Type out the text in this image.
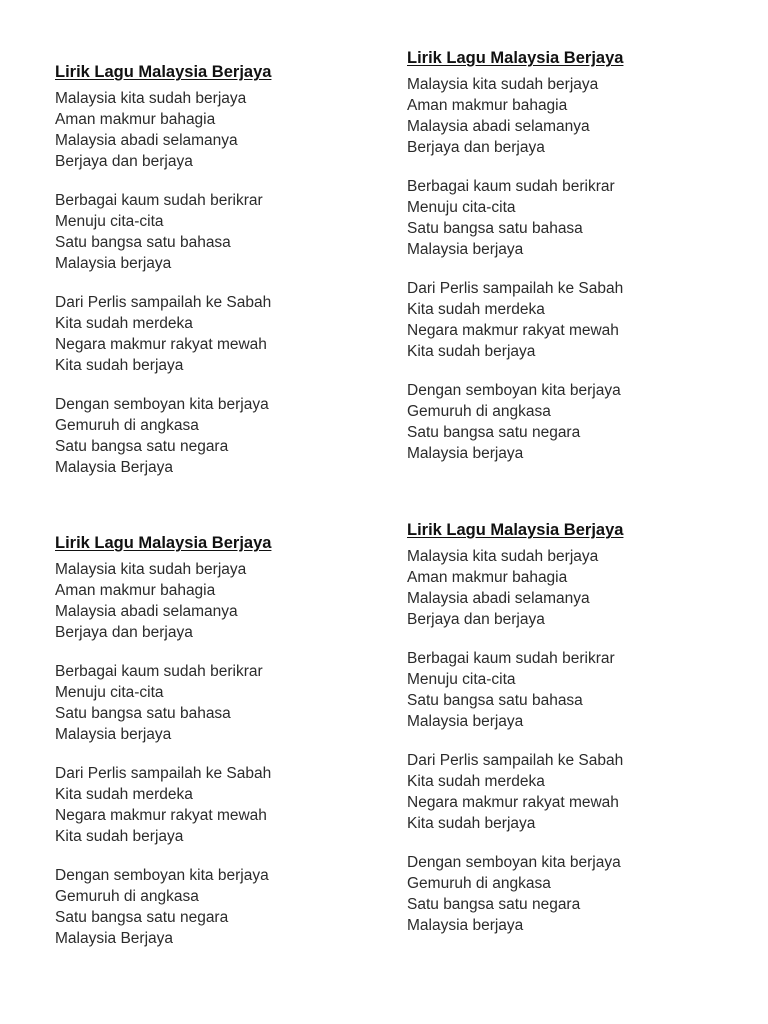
Lirik Lagu Malaysia Berjaya
Malaysia kita sudah berjaya
Aman makmur bahagia
Malaysia abadi selamanya
Berjaya dan berjaya
Berbagai kaum sudah berikrar
Menuju cita-cita
Satu bangsa satu bahasa
Malaysia berjaya
Dari Perlis sampailah ke Sabah
Kita sudah merdeka
Negara makmur rakyat mewah
Kita sudah berjaya
Dengan semboyan kita berjaya
Gemuruh di angkasa
Satu bangsa satu negara
Malaysia Berjaya
Lirik Lagu Malaysia Berjaya
Malaysia kita sudah berjaya
Aman makmur bahagia
Malaysia abadi selamanya
Berjaya dan berjaya
Berbagai kaum sudah berikrar
Menuju cita-cita
Satu bangsa satu bahasa
Malaysia berjaya
Dari Perlis sampailah ke Sabah
Kita sudah merdeka
Negara makmur rakyat mewah
Kita sudah berjaya
Dengan semboyan kita berjaya
Gemuruh di angkasa
Satu bangsa satu negara
Malaysia berjaya
Lirik Lagu Malaysia Berjaya
Malaysia kita sudah berjaya
Aman makmur bahagia
Malaysia abadi selamanya
Berjaya dan berjaya
Berbagai kaum sudah berikrar
Menuju cita-cita
Satu bangsa satu bahasa
Malaysia berjaya
Dari Perlis sampailah ke Sabah
Kita sudah merdeka
Negara makmur rakyat mewah
Kita sudah berjaya
Dengan semboyan kita berjaya
Gemuruh di angkasa
Satu bangsa satu negara
Malaysia Berjaya
Lirik Lagu Malaysia Berjaya
Malaysia kita sudah berjaya
Aman makmur bahagia
Malaysia abadi selamanya
Berjaya dan berjaya
Berbagai kaum sudah berikrar
Menuju cita-cita
Satu bangsa satu bahasa
Malaysia berjaya
Dari Perlis sampailah ke Sabah
Kita sudah merdeka
Negara makmur rakyat mewah
Kita sudah berjaya
Dengan semboyan kita berjaya
Gemuruh di angkasa
Satu bangsa satu negara
Malaysia berjaya
